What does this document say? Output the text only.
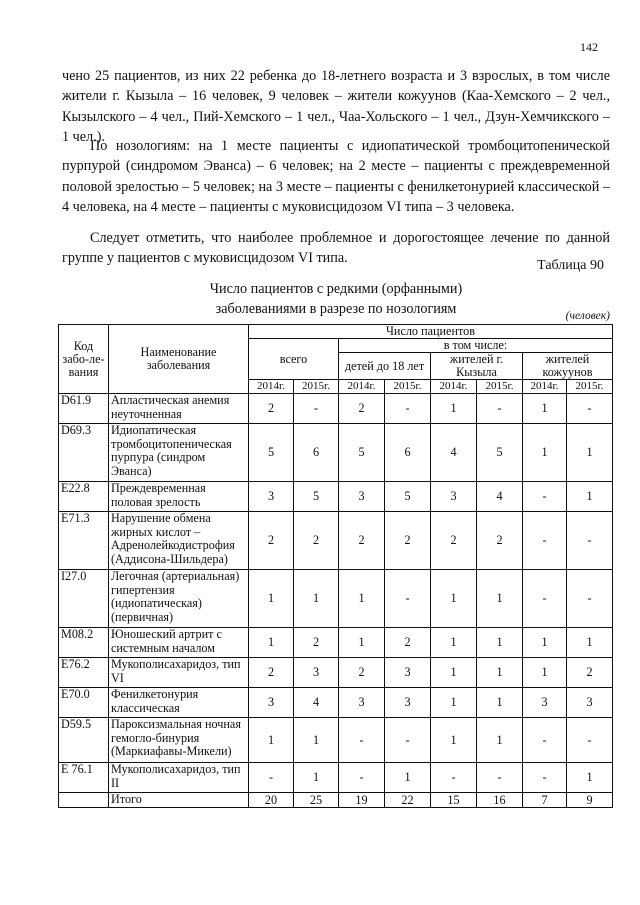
142

чено 25 пациентов, из них 22 ребенка до 18-летнего возраста и 3 взрослых, в том числе жители г. Кызыла – 16 человек, 9 человек – жители кожуунов (Каа-Хемского – 2 чел., Кызылского – 4 чел., Пий-Хемского – 1 чел., Чаа-Хольского – 1 чел., Дзун-Хемчикского – 1 чел.).

По нозологиям: на 1 месте пациенты с идиопатической тромбоцитопенической пурпурой (синдромом Эванса) – 6 человек; на 2 месте – пациенты с преждевременной половой зрелостью – 5 человек; на 3 месте – пациенты с фенилкетонурией классической – 4 человека, на 4 месте – пациенты с муковисцидозом VI типа – 3 человека.

Следует отметить, что наиболее проблемное и дорогостоящее лечение по данной группе у пациентов с муковисцидозом VI типа.	Таблица 90
Число пациентов с редкими (орфанными)
заболеваниями в разрезе по нозологиям	(человек)
Код забо-ле-вания	Наименование заболевания	Число пациентов							
		всего		в том числе:					
				детей до 18 лет		жителей г. Кызыла		жителей кожуунов	
		2014г.	2015г.	2014г.	2015г.	2014г.	2015г.	2014г.	2015г.
D61.9	Апластическая анемия неуточненная	2	-	2	-	1	-	1	-
D69.3	Идиопатическая тромбоцитопеническая пурпура (синдром Эванса)	5	6	5	6	4	5	1	1
E22.8	Преждевременная половая зрелость	3	5	3	5	3	4	-	1
E71.3	Нарушение обмена жирных кислот – Адренолейкодистрофия (Аддисона-Шильдера)	2	2	2	2	2	2	-	-
I27.0	Легочная (артериальная) гипертензия (идиопатическая) (первичная)	1	1	1	-	1	1	-	-
M08.2	Юношеский артрит с системным началом	1	2	1	2	1	1	1	1
E76.2	Мукополисахаридоз, тип VI	2	3	2	3	1	1	1	2
E70.0	Фенилкетонурия классическая	3	4	3	3	1	1	3	3
D59.5	Пароксизмальная ночная гемогло-бинурия (Маркиафавы-Микели)	1	1	-	-	1	1	-	-
E 76.1	Мукополисахаридоз, тип II	-	1	-	1	-	-	-	1
	Итого	20	25	19	22	15	16	7	9
